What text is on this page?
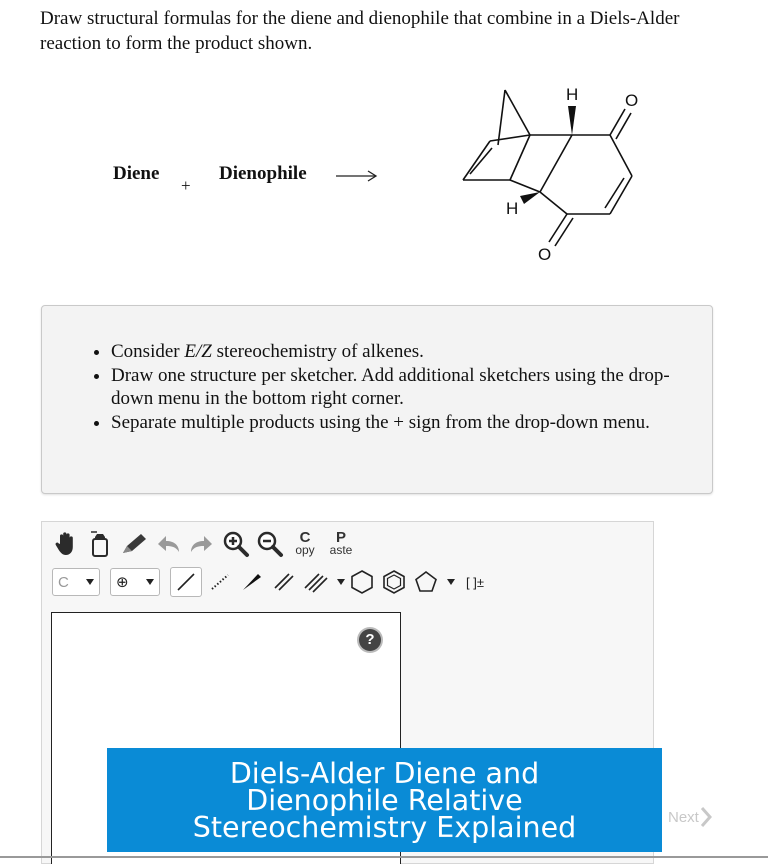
Draw structural formulas for the diene and dienophile that combine in a Diels-Alder reaction to form the product shown.
Diene
+
Dienophile
H	O
H
O
• Consider E/Z stereochemistry of alkenes.
• Draw one structure per sketcher. Add additional sketchers using the drop-down menu in the bottom right corner.
• Separate multiple products using the + sign from the drop-down menu.
C
opy
P
aste
C	⊕	[ ]±
?
Next
Diels-Alder Diene and Dienophile Relative Stereochemistry Explained
